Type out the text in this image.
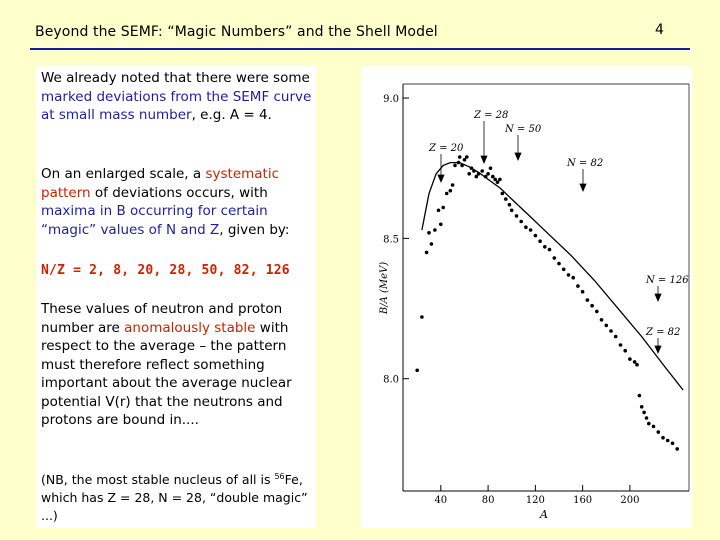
Beyond the SEMF: “Magic Numbers” and the Shell Model	4
We already noted that there were some marked deviations from the SEMF curve at small mass number, e.g. A = 4.
On an enlarged scale, a systematic pattern of deviations occurs, with maxima in B occurring for certain “magic” values of N and Z, given by:
N/Z = 2, 8, 20, 28, 50, 82, 126
These values of neutron and proton number are anomalously stable with respect to the average – the pattern must therefore reflect something important about the average nuclear potential V(r) that the neutrons and protons are bound in....
(NB, the most stable nucleus of all is $^{56}$Fe, which has Z = 28, N = 28, “double magic” ...)
8.0
8.5
9.0
40	80	120	160	200
B/A (MeV)
A
Z = 28
N = 50
Z = 20
N = 82
N = 126
Z = 82
